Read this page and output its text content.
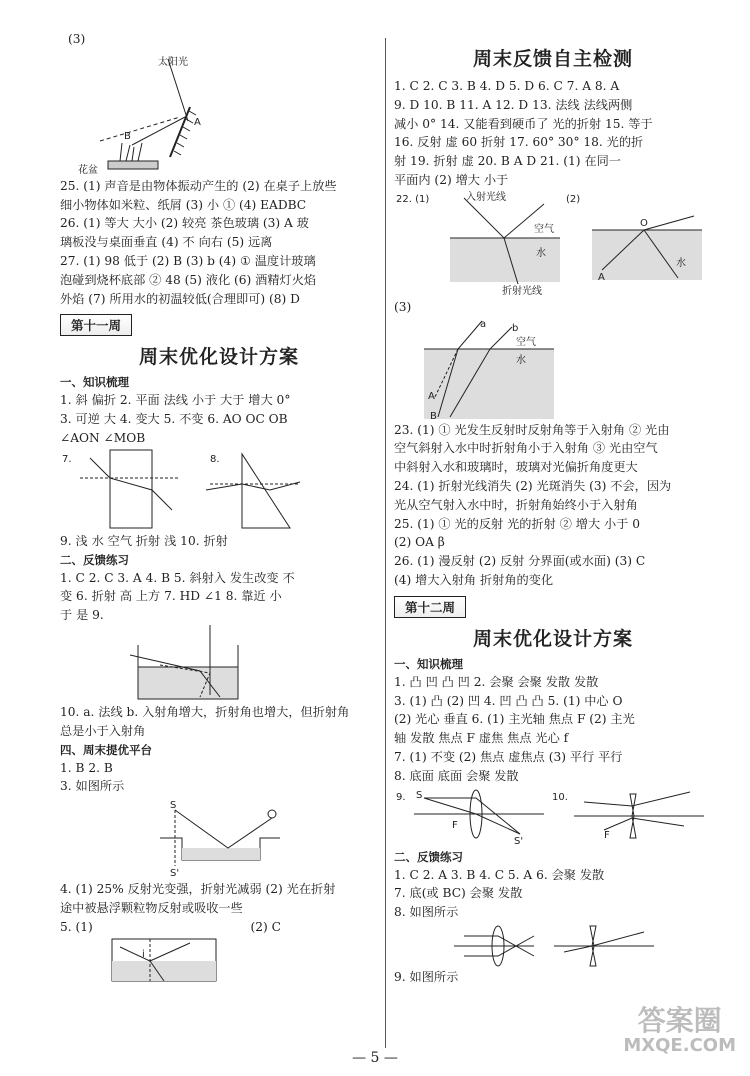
(3)
太阳光
A
B
花盆
25. (1) 声音是由物体振动产生的 (2) 在桌子上放些
细小物体如米粒、纸屑 (3) 小 ① (4) EADBC
26. (1) 等大 大小 (2) 较亮 茶色玻璃 (3) A 玻
璃板没与桌面垂直 (4) 不 向右 (5) 远离
27. (1) 98 低于 (2) B (3) b (4) ① 温度计玻璃
泡碰到烧杯底部 ② 48 (5) 液化 (6) 酒精灯火焰
外焰 (7) 所用水的初温较低(合理即可) (8) D
第十一周
周末优化设计方案
一、知识梳理
1. 斜 偏折 2. 平面 法线 小于 大于 增大 0°
3. 可逆 大 4. 变大 5. 不变 6. AO OC OB
∠AON ∠MOB
7.	8.
9. 浅 水 空气 折射 浅 10. 折射
二、反馈练习
1. C 2. C 3. A 4. B 5. 斜射入 发生改变 不
变 6. 折射 高 上方 7. HD ∠1 8. 靠近 小
于 是 9.
10. a. 法线 b. 入射角增大，折射角也增大，但折射角
总是小于入射角
四、周末提优平台
1. B 2. B
3. 如图所示
S
S'
4. (1) 25% 反射光变强，折射光减弱 (2) 光在折射
途中被悬浮颗粒物反射或吸收一些
5. (1)	(2) C
i
周末反馈自主检测
1. C 2. C 3. B 4. D 5. D 6. C 7. A 8. A
9. D 10. B 11. A 12. D 13. 法线 法线两侧
减小 0° 14. 又能看到硬币了 光的折射 15. 等于
16. 反射 虚 60 折射 17. 60° 30° 18. 光的折
射 19. 折射 虚 20. B A D 21. (1) 在同一
平面内 (2) 增大 小于
22. (1)	(2)
入射光线
空气
水
折射光线
O
A
水
(3)
a	b
空气
水
A
B
23. (1) ① 光发生反射时反射角等于入射角 ② 光由
空气斜射入水中时折射角小于入射角 ③ 光由空气
中斜射入水和玻璃时，玻璃对光偏折角度更大
24. (1) 折射光线消失 (2) 光斑消失 (3) 不会，因为
光从空气射入水中时，折射角始终小于入射角
25. (1) ① 光的反射 光的折射 ② 增大 小于 0
(2) OA β
26. (1) 漫反射 (2) 反射 分界面(或水面) (3) C
(4) 增大入射角 折射角的变化
第十二周
周末优化设计方案
一、知识梳理
1. 凸 凹 凸 凹 2. 会聚 会聚 发散 发散
3. (1) 凸 (2) 凹 4. 凹 凸 凸 5. (1) 中心 O
(2) 光心 垂直 6. (1) 主光轴 焦点 F (2) 主光
轴 发散 焦点 F 虚焦 焦点 光心 f
7. (1) 不变 (2) 焦点 虚焦点 (3) 平行 平行
8. 底面 底面 会聚 发散
9. S
F
S'
10.
F
二、反馈练习
1. C 2. A 3. B 4. C 5. A 6. 会聚 发散
7. 底(或 BC) 会聚 发散
8. 如图所示
9. 如图所示
— 5 —
答案圈
MXQE.COM
